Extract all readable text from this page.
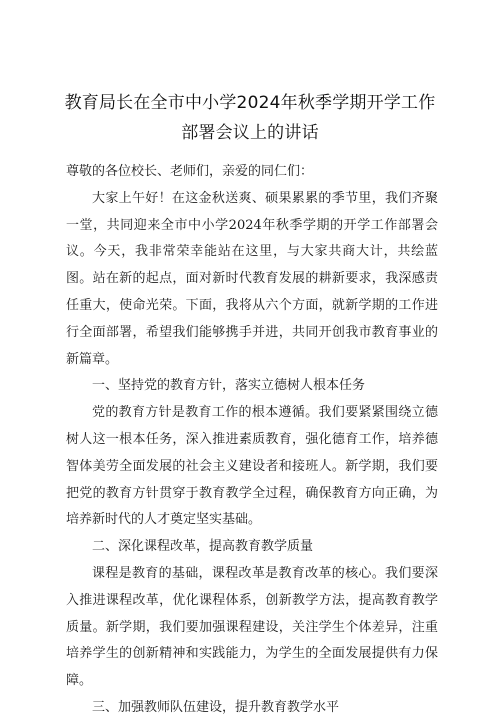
教育局长在全市中小学2024年秋季学期开学工作部署会议上的讲话

尊敬的各位校长、老师们，亲爱的同仁们：

大家上午好！在这金秋送爽、硕果累累的季节里，我们齐聚一堂，共同迎来全市中小学2024年秋季学期的开学工作部署会议。今天，我非常荣幸能站在这里，与大家共商大计，共绘蓝图。站在新的起点，面对新时代教育发展的耕新要求，我深感责任重大，使命光荣。下面，我将从六个方面，就新学期的工作进行全面部署，希望我们能够携手并进，共同开创我市教育事业的新篇章。

一、坚持党的教育方针，落实立德树人根本任务

党的教育方针是教育工作的根本遵循。我们要紧紧围绕立德树人这一根本任务，深入推进素质教育，强化德育工作，培养德智体美劳全面发展的社会主义建设者和接班人。新学期，我们要把党的教育方针贯穿于教育教学全过程，确保教育方向正确，为培养新时代的人才奠定坚实基础。

二、深化课程改革，提高教育教学质量

课程是教育的基础，课程改革是教育改革的核心。我们要深入推进课程改革，优化课程体系，创新教学方法，提高教育教学质量。新学期，我们要加强课程建设，关注学生个体差异，注重培养学生的创新精神和实践能力，为学生的全面发展提供有力保障。

三、加强教师队伍建设，提升教育教学水平
